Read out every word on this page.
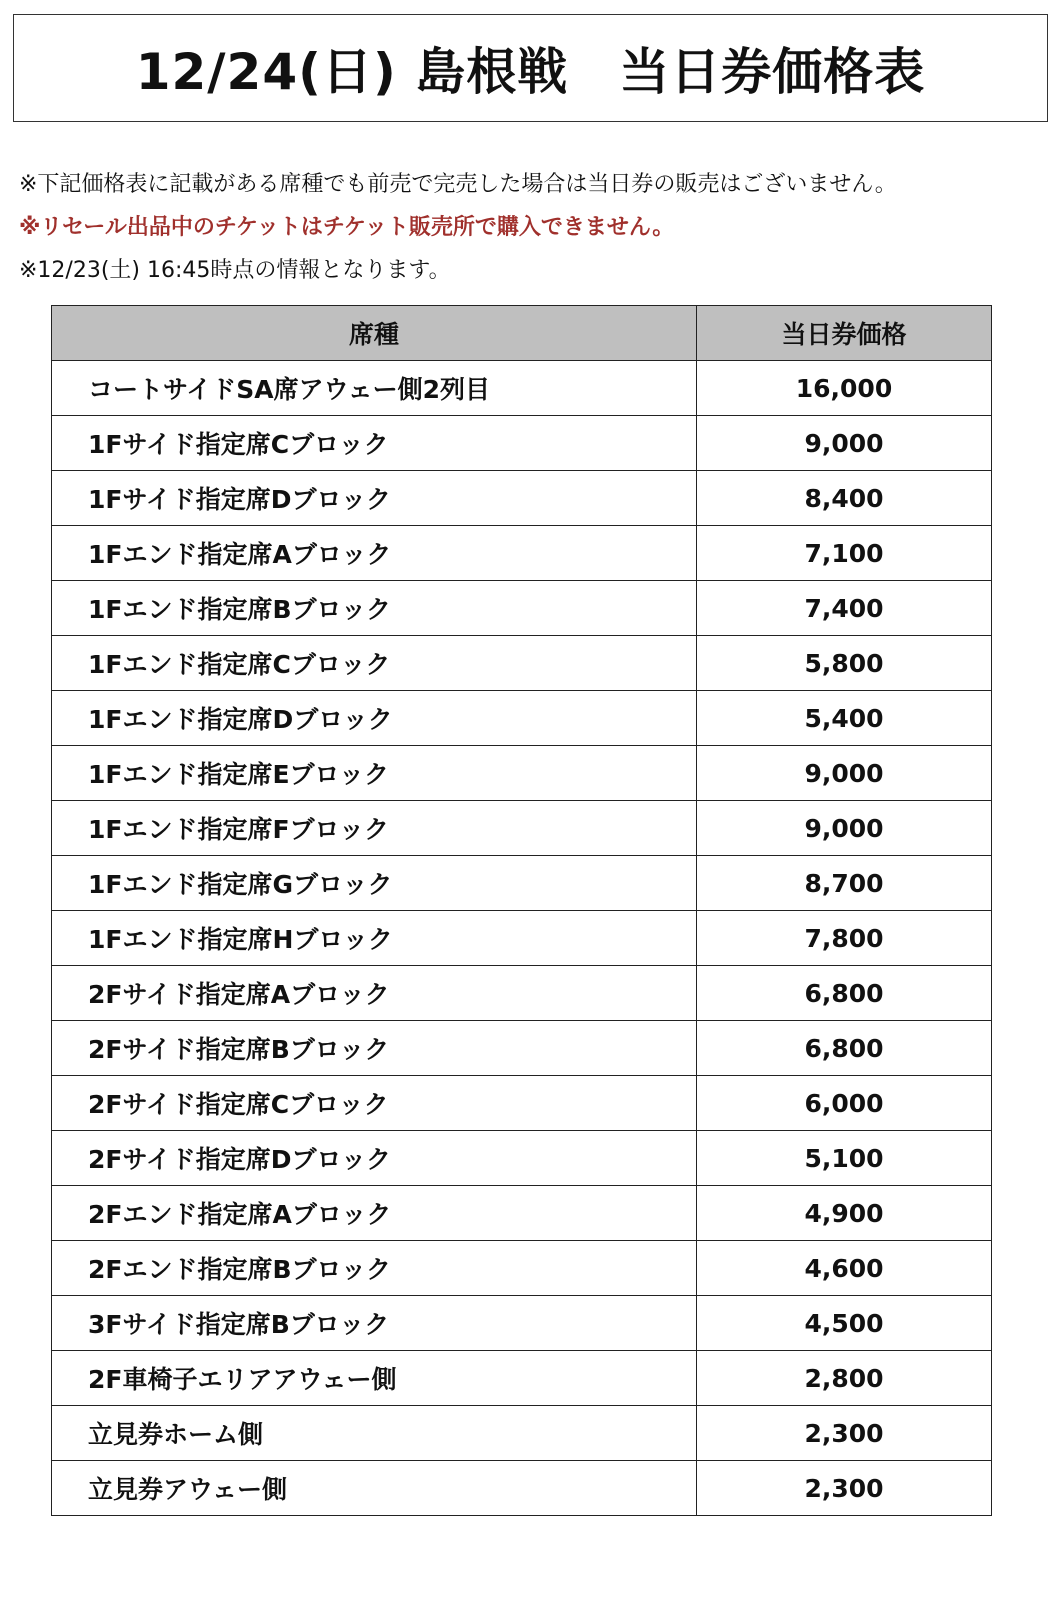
12/24(日) 島根戦　当日券価格表
※下記価格表に記載がある席種でも前売で完売した場合は当日券の販売はございません。
※リセール出品中のチケットはチケット販売所で購入できません。
※12/23(土) 16:45時点の情報となります。
席種	当日券価格
コートサイドSA席アウェー側2列目	16,000
1Fサイド指定席Cブロック	9,000
1Fサイド指定席Dブロック	8,400
1Fエンド指定席Aブロック	7,100
1Fエンド指定席Bブロック	7,400
1Fエンド指定席Cブロック	5,800
1Fエンド指定席Dブロック	5,400
1Fエンド指定席Eブロック	9,000
1Fエンド指定席Fブロック	9,000
1Fエンド指定席Gブロック	8,700
1Fエンド指定席Hブロック	7,800
2Fサイド指定席Aブロック	6,800
2Fサイド指定席Bブロック	6,800
2Fサイド指定席Cブロック	6,000
2Fサイド指定席Dブロック	5,100
2Fエンド指定席Aブロック	4,900
2Fエンド指定席Bブロック	4,600
3Fサイド指定席Bブロック	4,500
2F車椅子エリアアウェー側	2,800
立見券ホーム側	2,300
立見券アウェー側	2,300
